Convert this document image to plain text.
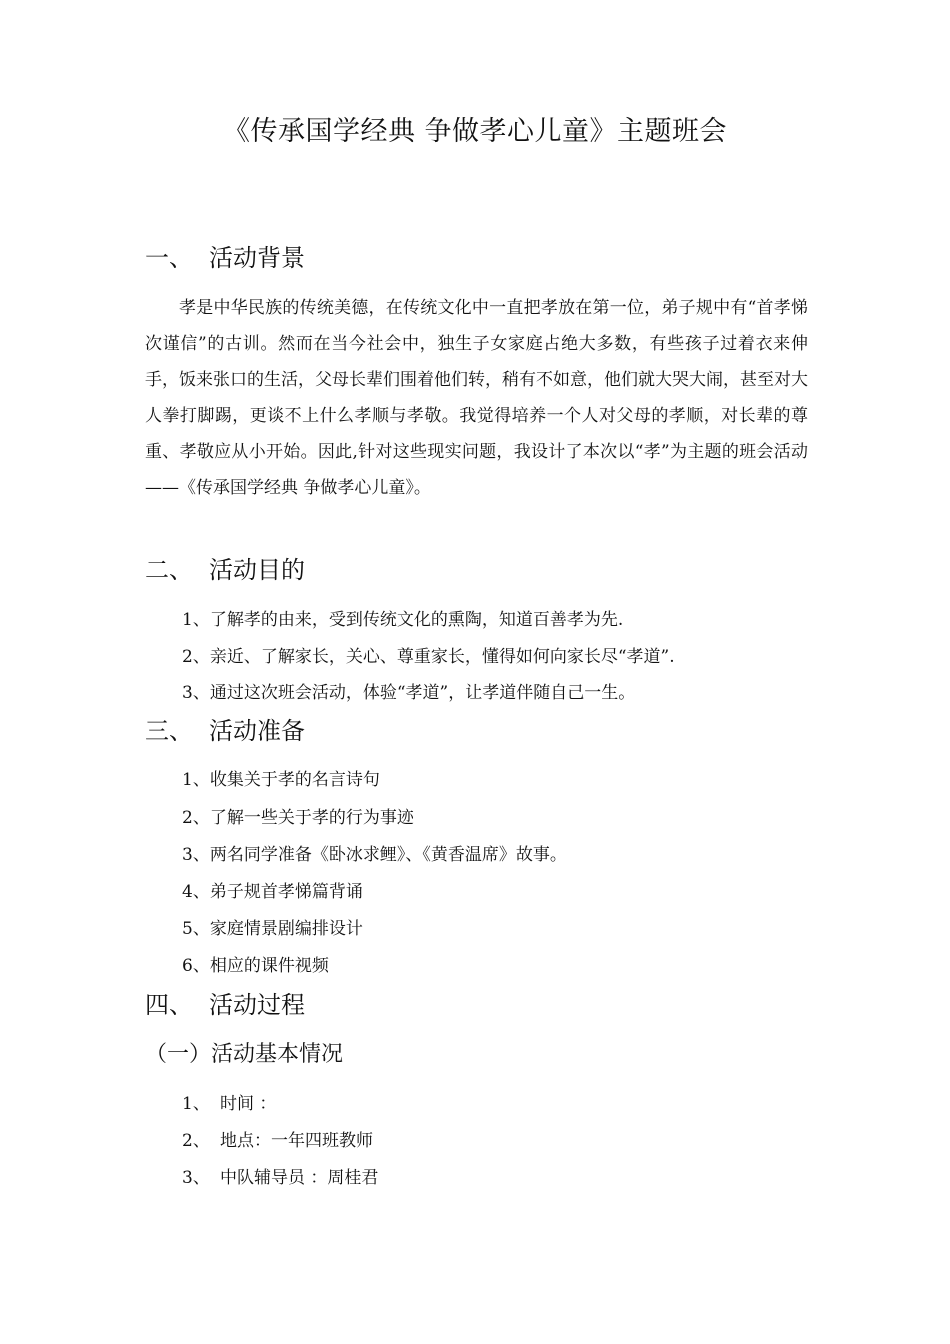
《传承国学经典 争做孝心儿童》主题班会
一、 活动背景
孝是中华民族的传统美德，在传统文化中一直把孝放在第一位，弟子规中有“首孝悌 次谨信”的古训。然而在当今社会中，独生子女家庭占绝大多数，有些孩子过着衣来伸手，饭来张口的生活，父母长辈们围着他们转，稍有不如意，他们就大哭大闹，甚至对大人拳打脚踢，更谈不上什么孝顺与孝敬。我觉得培养一个人对父母的孝顺，对长辈的尊重、孝敬应从小开始。因此,针对这些现实问题，我设计了本次以“孝”为主题的班会活动——《传承国学经典 争做孝心儿童》。
二、 活动目的
1、了解孝的由来，受到传统文化的熏陶，知道百善孝为先.
2、亲近、了解家长，关心、尊重家长，懂得如何向家长尽“孝道”.
3、通过这次班会活动，体验“孝道”，让孝道伴随自己一生。
三、 活动准备
1、收集关于孝的名言诗句
2、了解一些关于孝的行为事迹
3、两名同学准备《卧冰求鲤》、《黄香温席》故事。
4、弟子规首孝悌篇背诵
5、家庭情景剧编排设计
6、相应的课件视频
四、 活动过程
（一）活动基本情况
1、 时间 ：
2、 地点：一年四班教师
3、 中队辅导员 ：周桂君
